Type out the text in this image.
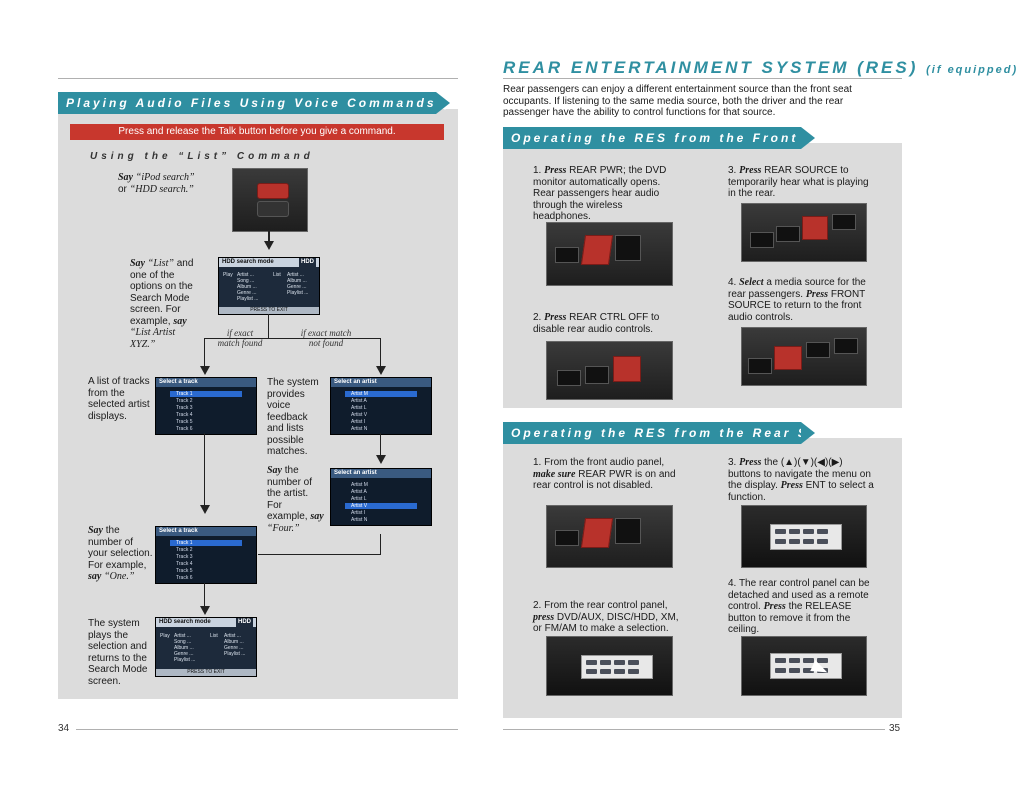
Playing Audio Files Using Voice Commands (continued)
Press and release the Talk button before you give a command.
Using the “List” Command
Say “iPod search”
or “HDD search.”
Say “List” and one of the options on the Search Mode screen. For example, say
“List Artist XYZ.”
HDD search mode	HDD
Play Artist ...
Song ...
Album ...
Genre ...
Playlist ...
List Artist ...
Album ...
Genre ...
Playlist ...
PRESS TO EXIT
if exact match found
if exact match not found
A list of tracks from the selected artist displays.
Select a track
Track 1
Track 2
Track 3
Track 4
Track 5
Track 6
The system provides voice feedback and lists possible matches.
Select an artist
Artist M
Artist A
Artist L
Artist V
Artist I
Artist N
Say the number of the artist. For example, say “Four.”
Select an artist
Artist M
Artist A
Artist L
Artist V
Artist I
Artist N
Say the number of your selection. For example,
say “One.”
Select a track
Track 1
Track 2
Track 3
Track 4
Track 5
Track 6
The system plays the selection and returns to the Search Mode screen.
HDD search mode	HDD
Play Artist ...
Song ...
Album ...
Genre ...
Playlist ...
List Artist ...
Album ...
Genre ...
Playlist ...
PRESS TO EXIT
34
REAR ENTERTAINMENT SYSTEM (RES) (if equipped)
Rear passengers can enjoy a different entertainment source than the front seat occupants. If listening to the same media source, both the driver and the rear passenger have the ability to control functions for that source.
Operating the RES from the Front Seat
1. Press REAR PWR; the DVD monitor automatically opens. Rear passengers hear audio through the wireless headphones.
2. Press REAR CTRL OFF to disable rear audio controls.
3. Press REAR SOURCE to temporarily hear what is playing in the rear.
4. Select a media source for the rear passengers. Press FRONT SOURCE to return to the front audio controls.
Operating the RES from the Rear Seat
1. From the front audio panel, make sure REAR PWR is on and rear control is not disabled.
2. From the rear control panel, press DVD/AUX, DISC/HDD, XM, or FM/AM to make a selection.
3. Press the (▲)(▼)(◀)(▶) buttons to navigate the menu on the display. Press ENT to select a function.
4. The rear control panel can be detached and used as a remote control. Press the RELEASE button to remove it from the ceiling.
35
